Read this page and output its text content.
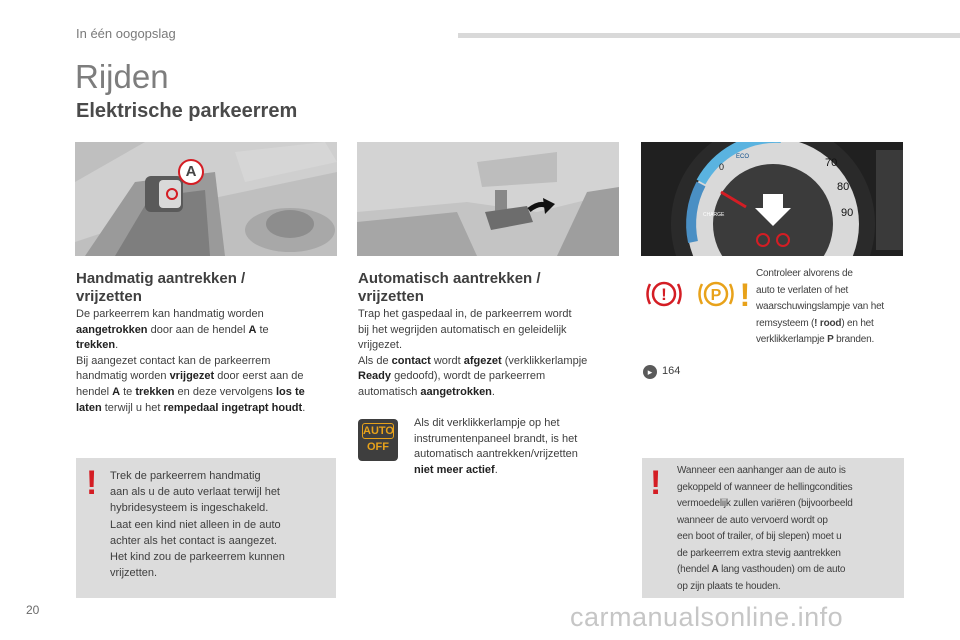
In één oogopslag
Rijden
Elektrische parkeerrem
A	0
ECO
CHARGE
70
80
90
Handmatig aantrekken /
vrijzetten
De parkeerrem kan handmatig worden
aangetrokken door aan de hendel A te
trekken.
Bij aangezet contact kan de parkeerrem
handmatig worden vrijgezet door eerst aan de
hendel A te trekken en deze vervolgens los te
laten terwijl u het rempedaal ingetrapt houdt.
! Trek de parkeerrem handmatig
aan als u de auto verlaat terwijl het
hybridesysteem is ingeschakeld.
Laat een kind niet alleen in de auto
achter als het contact is aangezet.
Het kind zou de parkeerrem kunnen
vrijzetten.
Automatisch aantrekken /
vrijzetten
Trap het gaspedaal in, de parkeerrem wordt
bij het wegrijden automatisch en geleidelijk
vrijgezet.
Als de contact wordt afgezet (verklikkerlampje
Ready gedoofd), wordt de parkeerrem
automatisch aangetrokken.
AUTO
OFF
Als dit verklikkerlampje op het
instrumentenpaneel brandt, is het
automatisch aantrekken/vrijzetten
niet meer actief.
!	P !
Controleer alvorens de
auto te verlaten of het
waarschuwingslampje van het
remsysteem (! rood) en het
verklikkerlampje P branden.
▸ 164
! Wanneer een aanhanger aan de auto is
gekoppeld of wanneer de hellingcondities
vermoedelijk zullen variëren (bijvoorbeeld
wanneer de auto vervoerd wordt op
een boot of trailer, of bij slepen) moet u
de parkeerrem extra stevig aantrekken
(hendel A lang vasthouden) om de auto
op zijn plaats te houden.
20	carmanualsonline.info
